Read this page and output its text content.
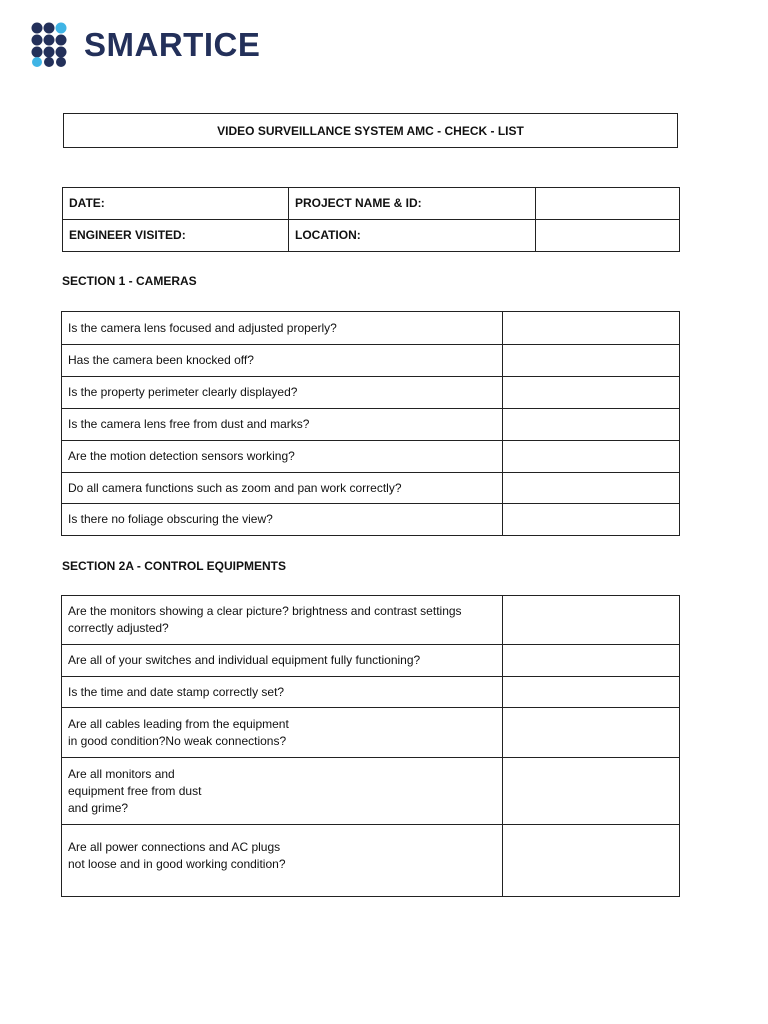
SMARTICE
VIDEO SURVEILLANCE SYSTEM AMC - CHECK - LIST
DATE:	PROJECT NAME & ID:	
ENGINEER VISITED:	LOCATION:	
SECTION 1 - CAMERAS
Is the camera lens focused and adjusted properly?	
Has the camera been knocked off?	
Is the property perimeter clearly displayed?	
Is the camera lens free from dust and marks?	
Are the motion detection sensors working?	
Do all camera functions such as zoom and pan work correctly?	
Is there no foliage obscuring the view?	
SECTION 2A - CONTROL EQUIPMENTS
Are the monitors showing a clear picture? brightness and contrast settings
correctly adjusted?	
Are all of your switches and individual equipment fully functioning?	
Is the time and date stamp correctly set?	
Are all cables leading from the equipment
in good condition?No weak connections?	
Are all monitors and
equipment free from dust
and grime?	
Are all power connections and AC plugs
not loose and in good working condition?	
